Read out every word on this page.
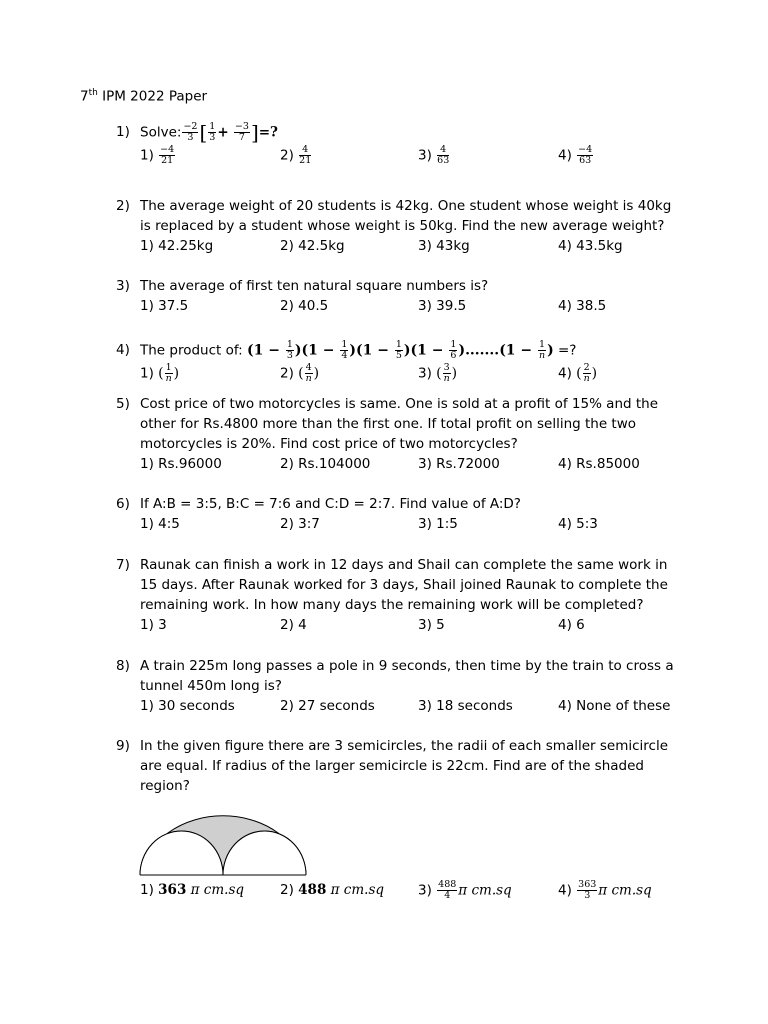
7th IPM 2022 Paper
1) Solve: $\frac{-2}{3}$ [ $\frac{1}{3} + \frac{-3}{7}$ ]=?
$1) \frac{-4}{21}$	$2) \frac{4}{21}$	$3) \frac{4}{63}$	$4) \frac{-4}{63}$
2) The average weight of 20 students is 42kg. One student whose weight is 40kg is replaced by a student whose weight is 50kg. Find the new average weight?
1) 42.25kg	2) 42.5kg	3) 43kg	4) 43.5kg
3) The average of first ten natural square numbers is?
1) 37.5	2) 40.5	3) 39.5	4) 38.5
4) The product of: $(1 - \frac{1}{3} )(1 - \frac{1}{4} )(1 - \frac{1}{5} )(1 - \frac{1}{6} ).......(1 - \frac{1}{n}$ ) =?
1) ( $\frac{1}{n}$ )	2) ( $\frac{4}{n}$ )	3) ( $\frac{3}{n}$ )	4) ( $\frac{2}{n}$ )
5) Cost price of two motorcycles is same. One is sold at a profit of 15% and the other for Rs.4800 more than the first one. If total profit on selling the two motorcycles is 20%. Find cost price of two motorcycles?
1) Rs.96000	2) Rs.104000	3) Rs.72000	4) Rs.85000
6) If A:B = 3:5, B:C = 7:6 and C:D = 2:7. Find value of A:D?
1) 4:5	2) 3:7	3) 1:5	4) 5:3
7) Raunak can finish a work in 12 days and Shail can complete the same work in 15 days. After Raunak worked for 3 days, Shail joined Raunak to complete the remaining work. In how many days the remaining work will be completed?
1) 3	2) 4	3) 5	4) 6
8) A train 225m long passes a pole in 9 seconds, then time by the train to cross a tunnel 450m long is?
1) 30 seconds	2) 27 seconds	3) 18 seconds	4) None of these
9) In the given figure there are 3 semicircles, the radii of each smaller semicircle are equal. If radius of the larger semicircle is 22cm. Find are of the shaded region?
1) 363 π cm.sq	2) 488 π cm.sq	$3) \frac{488}{4}$ π cm.sq	$4) \frac{363}{3}$ π cm.sq
